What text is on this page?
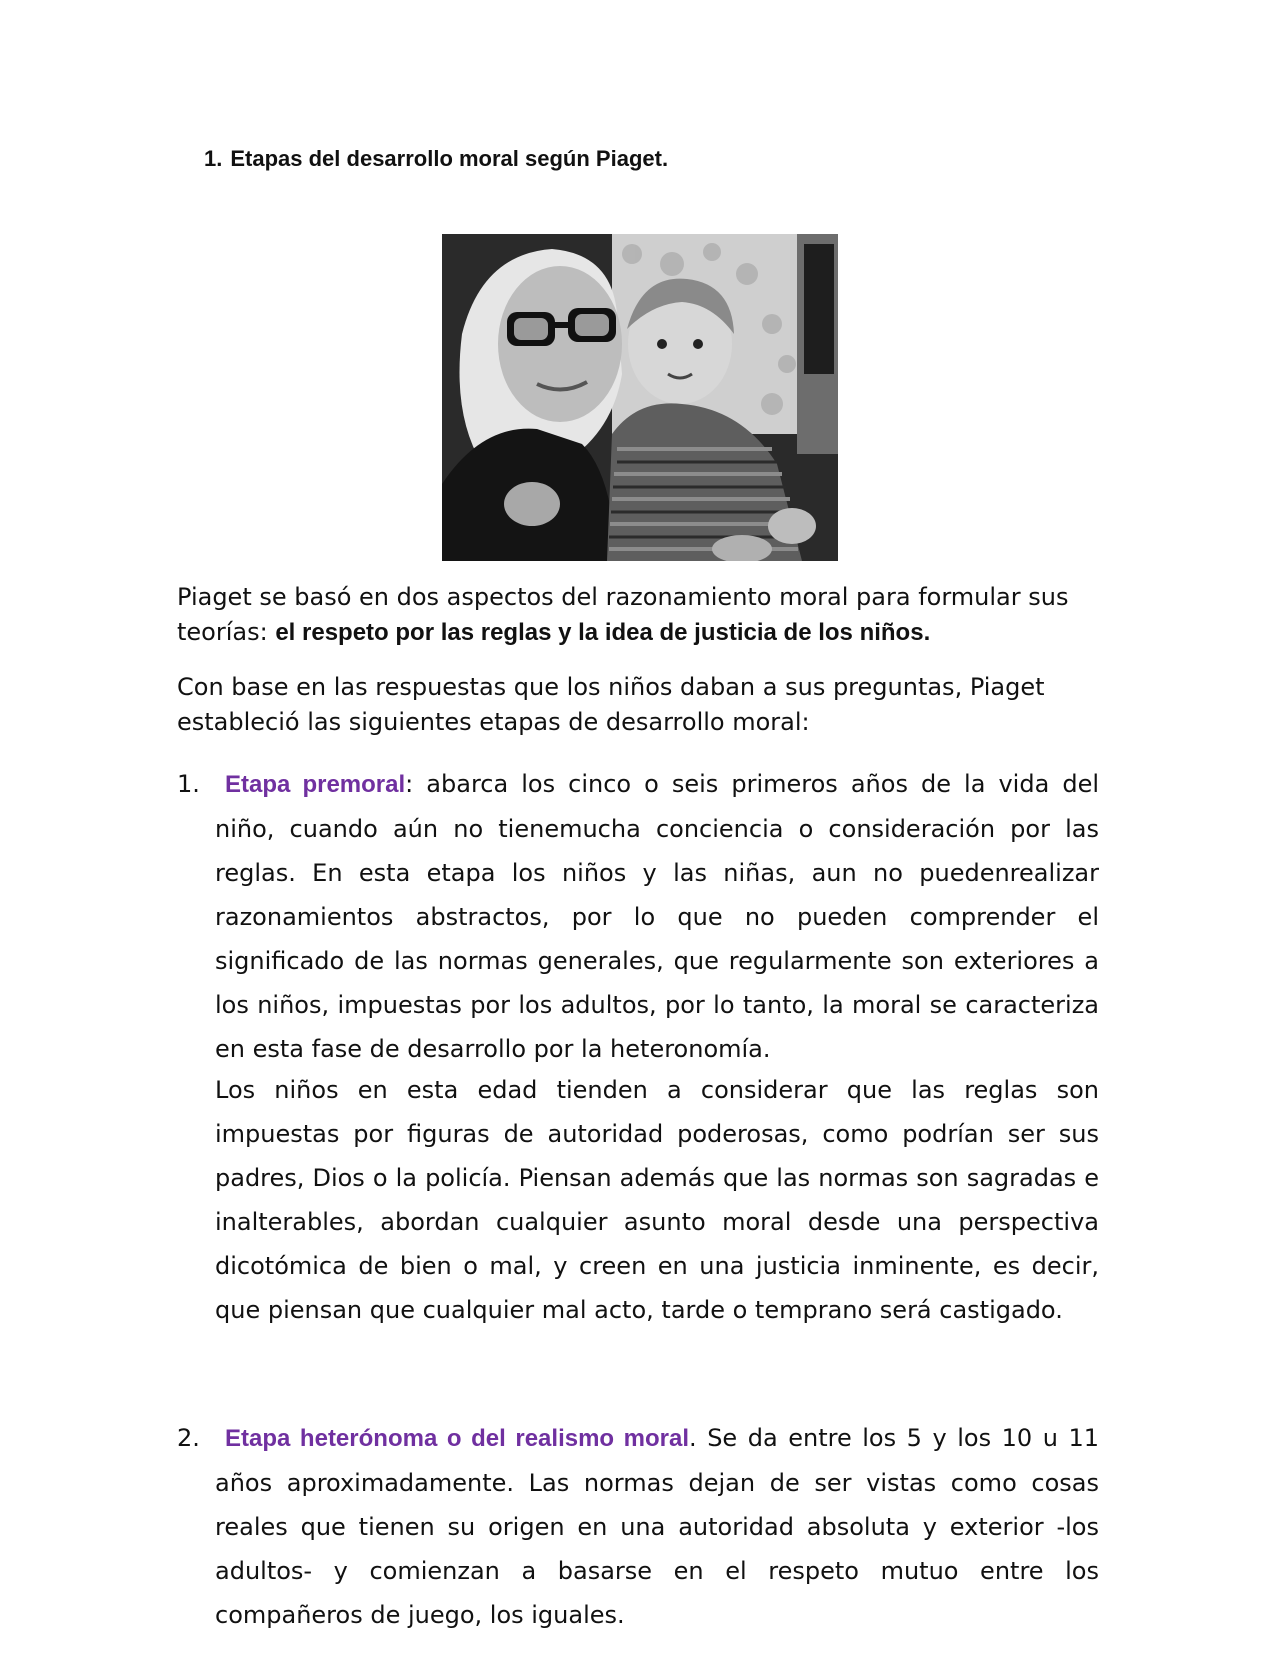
1. Etapas del desarrollo moral según Piaget.

Piaget se basó en dos aspectos del razonamiento moral para formular sus teorías: el respeto por las reglas y la idea de justicia de los niños.

Con base en las respuestas que los niños daban a sus preguntas, Piaget estableció las siguientes etapas de desarrollo moral:

1.	Etapa premoral: abarca los cinco o seis primeros años de la vida del niño, cuando aún no tienemucha conciencia o consideración por las reglas. En esta etapa los niños y las niñas, aun no puedenrealizar razonamientos abstractos, por lo que no pueden comprender el significado de las normas generales, que regularmente son exteriores a los niños, impuestas por los adultos, por lo tanto, la moral se caracteriza en esta fase de desarrollo por la heteronomía.

Los niños en esta edad tienden a considerar que las reglas son impuestas por figuras de autoridad poderosas, como podrían ser sus padres, Dios o la policía. Piensan además que las normas son sagradas e inalterables, abordan cualquier asunto moral desde una perspectiva dicotómica de bien o mal, y creen en una justicia inminente, es decir, que piensan que cualquier mal acto, tarde o temprano será castigado.

2.	Etapa heterónoma o del realismo moral. Se da entre los 5 y los 10 u 11 años aproximadamente. Las normas dejan de ser vistas como cosas reales que tienen su origen en una autoridad absoluta y exterior -los adultos- y comienzan a basarse en el respeto mutuo entre los compañeros de juego, los iguales.
